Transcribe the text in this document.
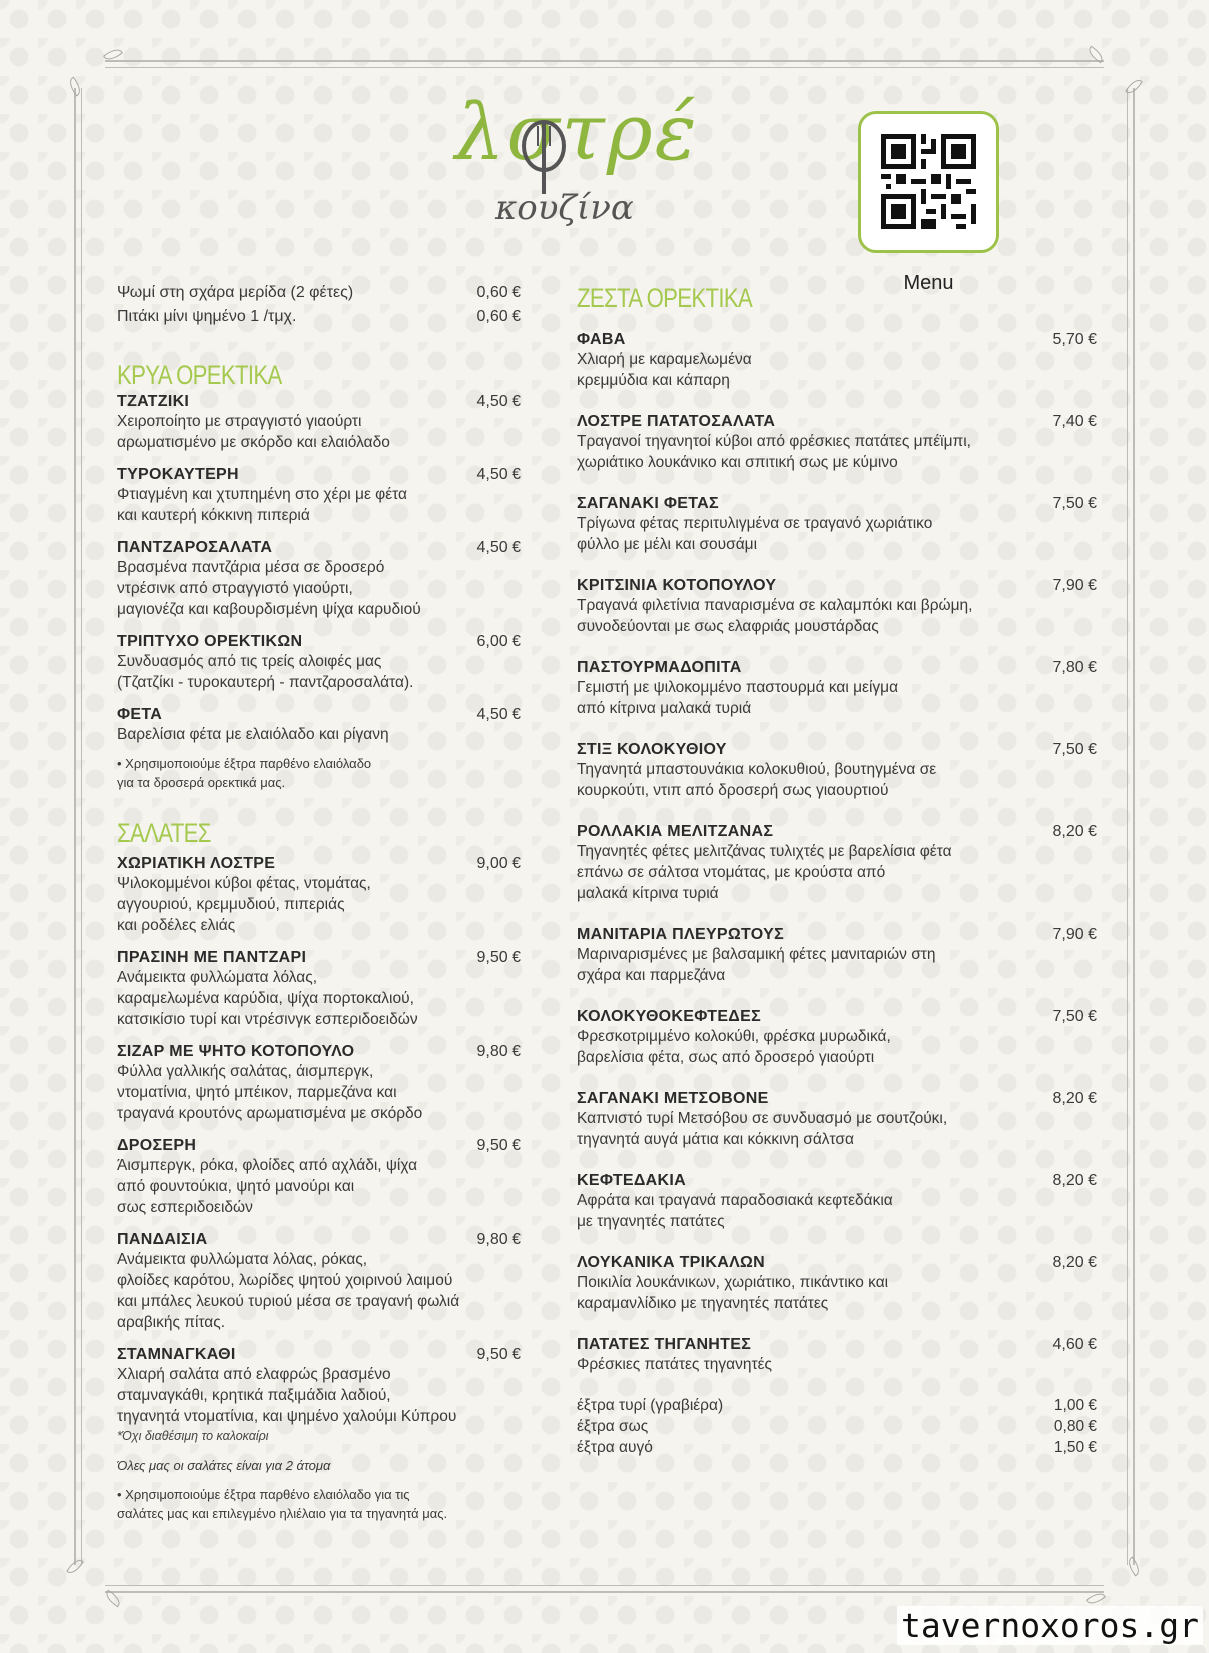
λστρέ
κουζίνα
Menu
Ψωμί στη σχάρα μερίδα (2 φέτες)	0,60 €
Πιτάκι μίνι ψημένο 1 /τμχ.	0,60 €
ΚΡΥΑ ΟΡΕΚΤΙΚΑ
ΤΖΑΤΖΙΚΙ	4,50 €
Χειροποίητο με στραγγιστό γιαούρτι
αρωματισμένο με σκόρδο και ελαιόλαδο
ΤΥΡΟΚΑΥΤΕΡΗ	4,50 €
Φτιαγμένη και χτυπημένη στο χέρι με φέτα
και καυτερή κόκκινη πιπεριά
ΠΑΝΤΖΑΡΟΣΑΛΑΤΑ	4,50 €
Βρασμένα παντζάρια μέσα σε δροσερό
ντρέσινκ από στραγγιστό γιαούρτι,
μαγιονέζα και καβουρδισμένη ψίχα καρυδιού
ΤΡΙΠΤΥΧΟ ΟΡΕΚΤΙΚΩΝ	6,00 €
Συνδυασμός από τις τρείς αλοιφές μας
(Τζατζίκι - τυροκαυτερή - παντζαροσαλάτα).
ΦΕΤΑ	4,50 €
Βαρελίσια φέτα με ελαιόλαδο και ρίγανη
• Χρησιμοποιούμε έξτρα παρθένο ελαιόλαδο
για τα δροσερά ορεκτικά μας.
ΣΑΛΑΤΕΣ
ΧΩΡΙΑΤΙΚΗ ΛΟΣΤΡΕ	9,00 €
Ψιλοκομμένοι κύβοι φέτας, ντομάτας,
αγγουριού, κρεμμυδιού, πιπεριάς
και ροδέλες ελιάς
ΠΡΑΣΙΝΗ ΜΕ ΠΑΝΤΖΑΡΙ	9,50 €
Ανάμεικτα φυλλώματα λόλας,
καραμελωμένα καρύδια, ψίχα πορτοκαλιού,
κατσικίσιο τυρί και ντρέσινγκ εσπεριδοειδών
ΣΙΖΑΡ ΜΕ ΨΗΤΟ ΚΟΤΟΠΟΥΛΟ	9,80 €
Φύλλα γαλλικής σαλάτας, άισμπεργκ,
ντοματίνια, ψητό μπέικον, παρμεζάνα και
τραγανά κρουτόνς αρωματισμένα με σκόρδο
ΔΡΟΣΕΡΗ	9,50 €
Άισμπεργκ, ρόκα, φλοίδες από αχλάδι, ψίχα
από φουντούκια, ψητό μανούρι και
σως εσπεριδοειδών
ΠΑΝΔΑΙΣΙΑ	9,80 €
Ανάμεικτα φυλλώματα λόλας, ρόκας,
φλοίδες καρότου, λωρίδες ψητού χοιρινού λαιμού
και μπάλες λευκού τυριού μέσα σε τραγανή φωλιά
αραβικής πίτας.
ΣΤΑΜΝΑΓΚΑΘΙ	9,50 €
Χλιαρή σαλάτα από ελαφρώς βρασμένο
σταμναγκάθι, κρητικά παξιμάδια λαδιού,
τηγανητά ντοματίνια, και ψημένο χαλούμι Κύπρου
*Όχι διαθέσιμη το καλοκαίρι
Όλες μας οι σαλάτες είναι για 2 άτομα
• Χρησιμοποιούμε έξτρα παρθένο ελαιόλαδο για τις
σαλάτες μας και επιλεγμένο ηλιέλαιο για τα τηγανητά μας.
ΖΕΣΤΑ ΟΡΕΚΤΙΚΑ
ΦΑΒΑ	5,70 €
Χλιαρή με καραμελωμένα
κρεμμύδια και κάπαρη
ΛΟΣΤΡΕ ΠΑΤΑΤΟΣΑΛΑΤΑ	7,40 €
Τραγανοί τηγανητοί κύβοι από φρέσκιες πατάτες μπέϊμπι,
χωριάτικο λουκάνικο και σπιτική σως με κύμινο
ΣΑΓΑΝΑΚΙ ΦΕΤΑΣ	7,50 €
Τρίγωνα φέτας περιτυλιγμένα σε τραγανό χωριάτικο
φύλλο με μέλι και σουσάμι
ΚΡΙΤΣΙΝΙΑ ΚΟΤΟΠΟΥΛΟΥ	7,90 €
Τραγανά φιλετίνια παναρισμένα σε καλαμπόκι και βρώμη,
συνοδεύονται με σως ελαφριάς μουστάρδας
ΠΑΣΤΟΥΡΜΑΔΟΠΙΤΑ	7,80 €
Γεμιστή με ψιλοκομμένο παστουρμά και μείγμα
από κίτρινα μαλακά τυριά
ΣΤΙΞ ΚΟΛΟΚΥΘΙΟΥ	7,50 €
Τηγανητά μπαστουνάκια κολοκυθιού, βουτηγμένα σε
κουρκούτι, ντιπ από δροσερή σως γιαουρτιού
ΡΟΛΛΑΚΙΑ ΜΕΛΙΤΖΑΝΑΣ	8,20 €
Τηγανητές φέτες μελιτζάνας τυλιχτές με βαρελίσια φέτα
επάνω σε σάλτσα ντομάτας, με κρούστα από
μαλακά κίτρινα τυριά
ΜΑΝΙΤΑΡΙΑ ΠΛΕΥΡΩΤΟΥΣ	7,90 €
Μαριναρισμένες με βαλσαμική φέτες μανιταριών στη
σχάρα και παρμεζάνα
ΚΟΛΟΚΥΘΟΚΕΦΤΕΔΕΣ	7,50 €
Φρεσκοτριμμένο κολοκύθι, φρέσκα μυρωδικά,
βαρελίσια φέτα, σως από δροσερό γιαούρτι
ΣΑΓΑΝΑΚΙ ΜΕΤΣΟΒΟΝΕ	8,20 €
Καπνιστό τυρί Μετσόβου σε συνδυασμό με σουτζούκι,
τηγανητά αυγά μάτια και κόκκινη σάλτσα
ΚΕΦΤΕΔΑΚΙΑ	8,20 €
Αφράτα και τραγανά παραδοσιακά κεφτεδάκια
με τηγανητές πατάτες
ΛΟΥΚΑΝΙΚΑ ΤΡΙΚΑΛΩΝ	8,20 €
Ποικιλία λουκάνικων, χωριάτικο, πικάντικο και
καραμανλίδικο με τηγανητές πατάτες
ΠΑΤΑΤΕΣ ΤΗΓΑΝΗΤΕΣ	4,60 €
Φρέσκιες πατάτες τηγανητές
έξτρα τυρί (γραβιέρα)	1,00 €
έξτρα σως	0,80 €
έξτρα αυγό	1,50 €
tavernoxoros.gr
